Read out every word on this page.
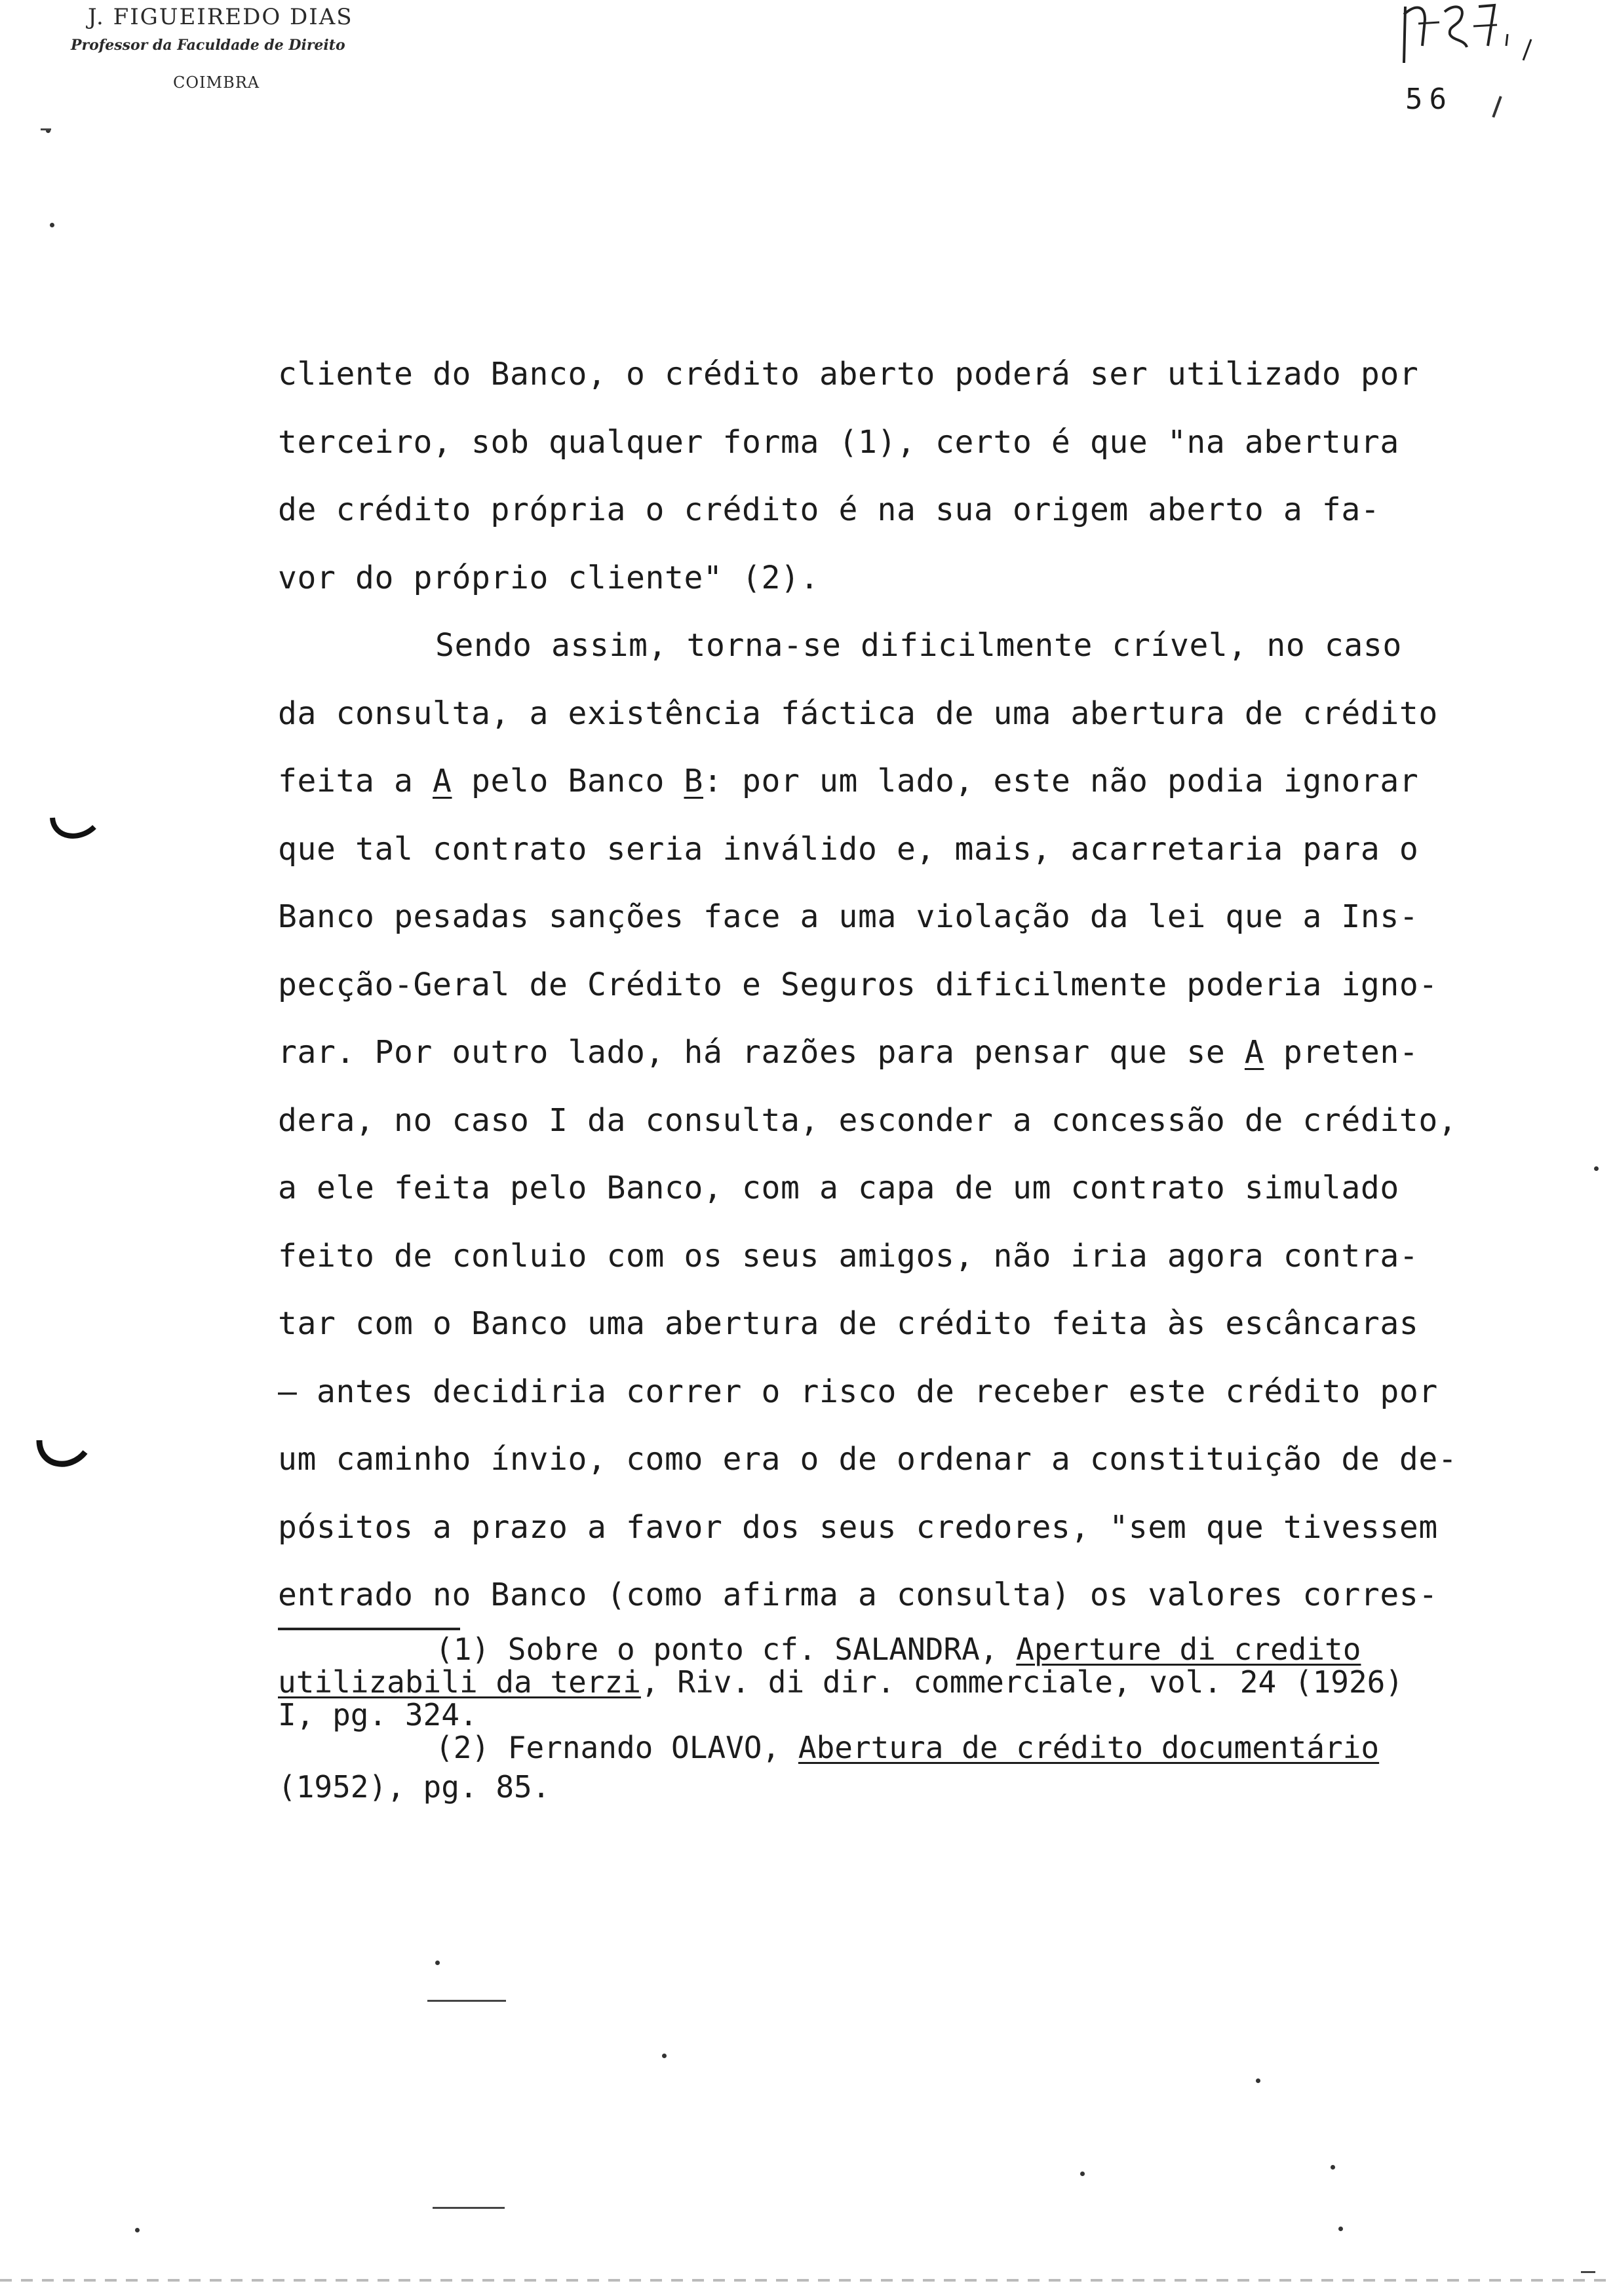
J. FIGUEIREDO DIAS
Professor da Faculdade de Direito
COIMBRA	56
cliente do Banco, o crédito aberto poderá ser utilizado por
terceiro, sob qualquer forma (1), certo é que "na abertura
de crédito própria o crédito é na sua origem aberto a fa-
vor do próprio cliente" (2).
Sendo assim, torna-se dificilmente crível, no caso
da consulta, a existência fáctica de uma abertura de crédito
feita a A pelo Banco B: por um lado, este não podia ignorar
que tal contrato seria inválido e, mais, acarretaria para o
Banco pesadas sanções face a uma violação da lei que a Ins-
pecção-Geral de Crédito e Seguros dificilmente poderia igno-
rar. Por outro lado, há razões para pensar que se A preten-
dera, no caso I da consulta, esconder a concessão de crédito,
a ele feita pelo Banco, com a capa de um contrato simulado
feito de conluio com os seus amigos, não iria agora contra-
tar com o Banco uma abertura de crédito feita às escâncaras
— antes decidiria correr o risco de receber este crédito por
um caminho ínvio, como era o de ordenar a constituição de de-
pósitos a prazo a favor dos seus credores, "sem que tivessem
entrado no Banco (como afirma a consulta) os valores corres-
(1) Sobre o ponto cf. SALANDRA, Aperture di credito
utilizabili da terzi, Riv. di dir. commerciale, vol. 24 (1926)
I, pg. 324.
(2) Fernando OLAVO, Abertura de crédito documentário
(1952), pg. 85.
